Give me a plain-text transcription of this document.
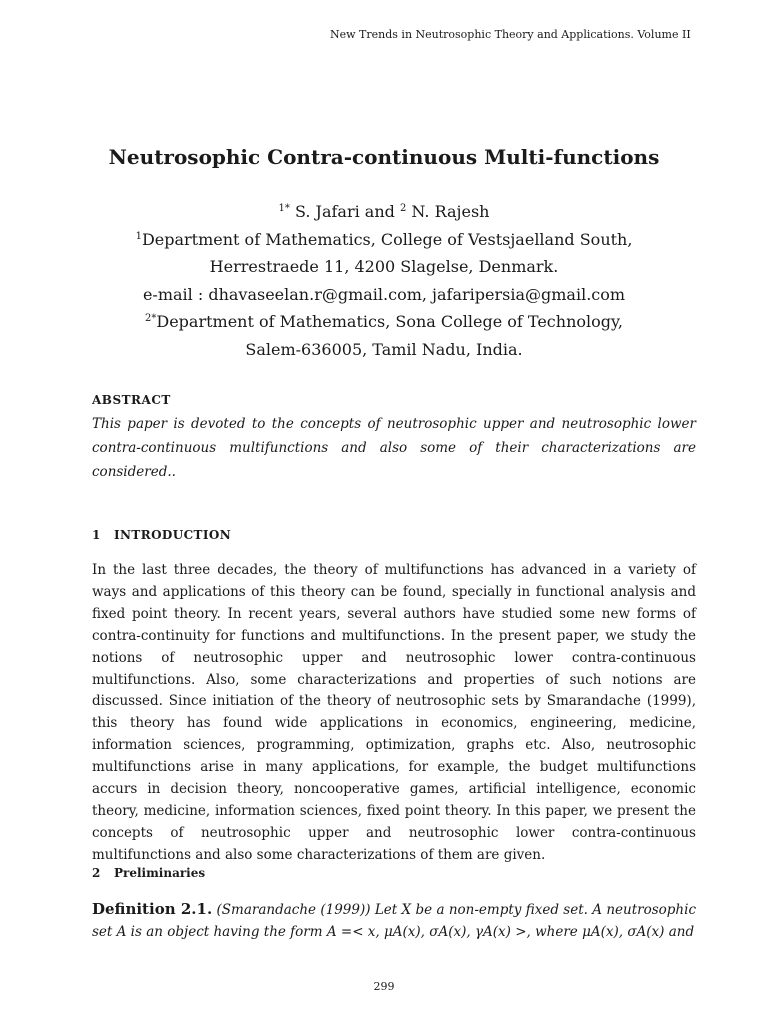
New Trends in Neutrosophic Theory and Applications. Volume II
Neutrosophic Contra-continuous Multi-functions
$^{1*}$ S. Jafari and $^2$ N. Rajesh
$^1$Department of Mathematics, College of Vestsjaelland South,
Herrestraede 11, 4200 Slagelse, Denmark.
e-mail : dhavaseelan.r@gmail.com, jafaripersia@gmail.com
$^{2*}$Department of Mathematics, Sona College of Technology,
Salem-636005, Tamil Nadu, India.
ABSTRACT
This paper is devoted to the concepts of neutrosophic upper and neutrosophic lower contra-continuous multifunctions and also some of their characterizations are considered..
1 INTRODUCTION
In the last three decades, the theory of multifunctions has advanced in a variety of ways and applications of this theory can be found, specially in functional analysis and fixed point theory. In recent years, several authors have studied some new forms of contra-continuity for functions and multifunctions. In the present paper, we study the notions of neutrosophic upper and neutrosophic lower contra-continuous multifunctions. Also, some characterizations and properties of such notions are discussed. Since initiation of the theory of neutrosophic sets by Smarandache (1999), this theory has found wide applications in economics, engineering, medicine, information sciences, programming, optimization, graphs etc. Also, neutrosophic multifunctions arise in many applications, for example, the budget multifunctions accurs in decision theory, noncooperative games, artificial intelligence, economic theory, medicine, information sciences, fixed point theory. In this paper, we present the concepts of neutrosophic upper and neutrosophic lower contra-continuous multifunctions and also some characterizations of them are given.
2 Preliminaries
Definition 2.1. (Smarandache (1999)) Let X be a non-empty fixed set. A neutrosophic set A is an object having the form A =< x, μA(x), σA(x), γA(x) >, where μA(x), σA(x) and
299
